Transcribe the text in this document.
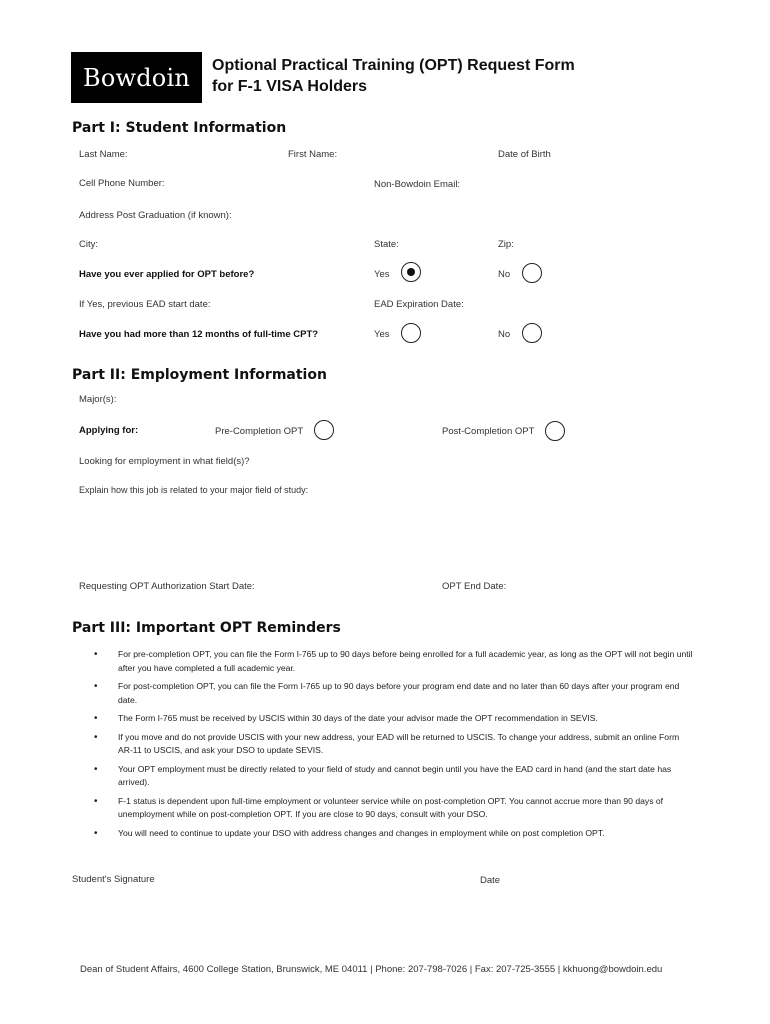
Bowdoin Optional Practical Training (OPT) Request Form
for F-1 VISA Holders
Part I: Student Information
Last Name:	First Name:	Date of Birth
Cell Phone Number:	Non-Bowdoin Email:
Address Post Graduation (if known):
City:	State:	Zip:
Have you ever applied for OPT before?	Yes	No
If Yes, previous EAD start date:	EAD Expiration Date:
Have you had more than 12 months of full-time CPT?	Yes	No
Part II: Employment Information
Major(s):
Applying for:	Pre-Completion OPT	Post-Completion OPT
Looking for employment in what field(s)?
Explain how this job is related to your major field of study:
Requesting OPT Authorization Start Date:	OPT End Date:
Part III: Important OPT Reminders
• For pre-completion OPT, you can file the Form I-765 up to 90 days before being enrolled for a full academic year, as long as the OPT will not begin until after you have completed a full academic year.
• For post-completion OPT, you can file the Form I-765 up to 90 days before your program end date and no later than 60 days after your program end date.
• The Form I-765 must be received by USCIS within 30 days of the date your advisor made the OPT recommendation in SEVIS.
• If you move and do not provide USCIS with your new address, your EAD will be returned to USCIS. To change your address, submit an online Form AR-11 to USCIS, and ask your DSO to update SEVIS.
• Your OPT employment must be directly related to your field of study and cannot begin until you have the EAD card in hand (and the start date has arrived).
• F-1 status is dependent upon full-time employment or volunteer service while on post-completion OPT. You cannot accrue more than 90 days of unemployment while on post-completion OPT. If you are close to 90 days, consult with your DSO.
• You will need to continue to update your DSO with address changes and changes in employment while on post completion OPT.
Student's Signature	Date
Dean of Student Affairs, 4600 College Station, Brunswick, ME 04011 | Phone: 207-798-7026 | Fax: 207-725-3555 | kkhuong@bowdoin.edu
